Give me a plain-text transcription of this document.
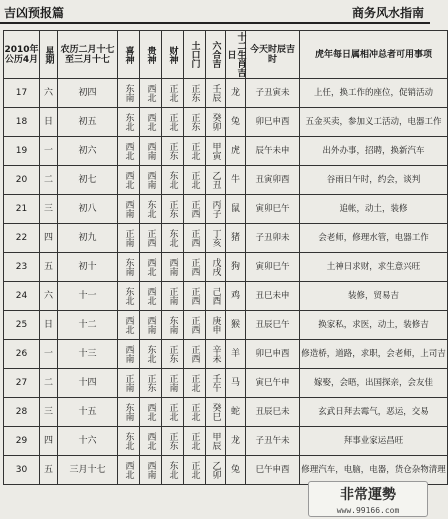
吉凶预报篇	商务风水指南
2010年公历4月	星期	农历二月十七至三月十七	喜神	贵神	财神	土口门	六合吉	十二生肖吉日	今天时辰吉时	虎年每日属相冲总者可用事项
17	六	初四	东南	西北	正北	正东	壬辰	龙	子丑寅未	上任，换工作的座位，促销活动
18	日	初五	东北	西北	正北	正东	癸卯	兔	卯巳申酉	五金买卖，参加义工活动，电器工作
19	一	初六	西北	西南	正东	正北	甲寅	虎	辰午未申	出外办事，招聘，换新汽车
20	二	初七	西北	西南	东北	正北	乙丑	牛	丑寅卯酉	谷雨日午时，约会，谈判
21	三	初八	西南	东北	正东	正西	丙子	鼠	寅卯巳午	追帐，动土，装修
22	四	初九	正南	正西	东北	正西	丁亥	猪	子丑卯未	会老师，修理水管，电器工作
23	五	初十	东南	西北	西南	正西	戊戌	狗	寅卯巳午	土神日求财，求生意兴旺
24	六	十一	东北	西北	正南	正西	己酉	鸡	丑巳未申	装修，贸易吉
25	日	十二	西北	西南	东南	正西	庚申	猴	丑辰巳午	换家私，求医，动土，装修吉
26	一	十三	西南	东北	正东	正西	辛未	羊	卯巳申酉	修造桥，道路，求职，会老师，上司吉
27	二	十四	正南	正东	正南	正北	壬午	马	寅巳午申	嫁娶，会晤，出国探亲，会友佳
28	三	十五	东南	西北	正北	正北	癸巳	蛇	丑辰巳未	玄武日拜去霉气，恶运，交易
29	四	十六	东北	西北	正东	正北	甲辰	龙	子丑午未	拜事业家运昌旺
30	五	三月十七	西北	西南	东北	正北	乙卯	兔	巳午申酉	修理汽车，电脑，电器，货仓杂物清理
非常運勢
www.99166.com
